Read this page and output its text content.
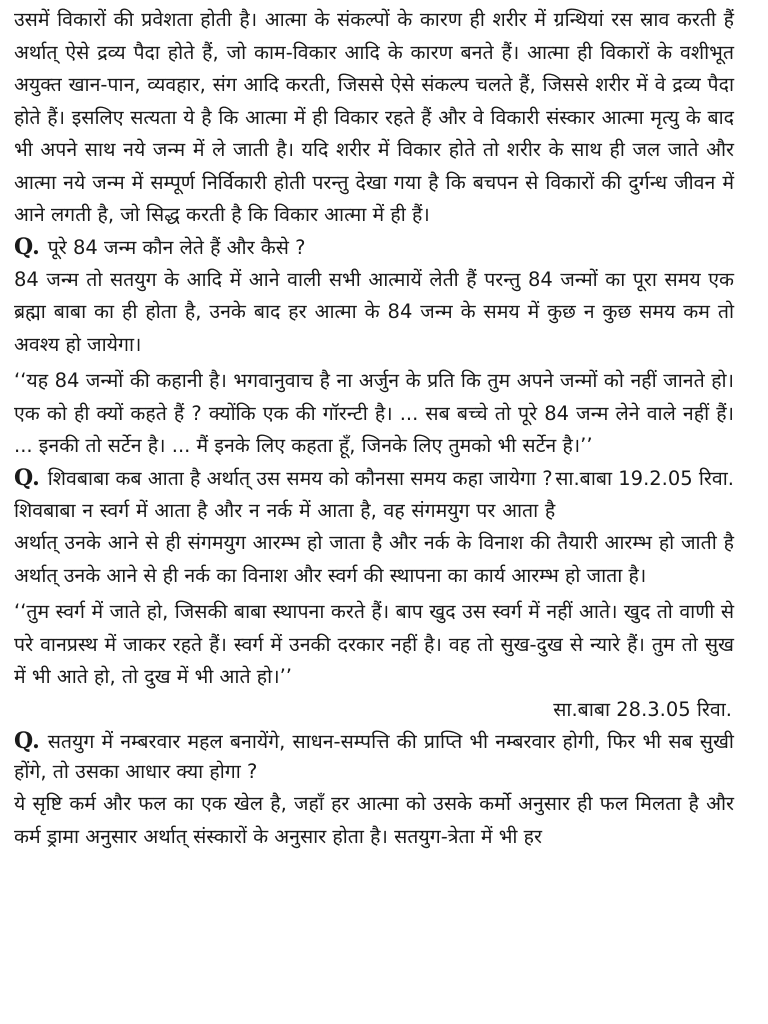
उसमें विकारों की प्रवेशता होती है। आत्मा के संकल्पों के कारण ही शरीर में ग्रन्थियां रस स्राव करती हैं अर्थात् ऐसे द्रव्य पैदा होते हैं, जो काम-विकार आदि के कारण बनते हैं। आत्मा ही विकारों के वशीभूत अयुक्त खान-पान, व्यवहार, संग आदि करती, जिससे ऐसे संकल्प चलते हैं, जिससे शरीर में वे द्रव्य पैदा होते हैं। इसलिए सत्यता ये है कि आत्मा में ही विकार रहते हैं और वे विकारी संस्कार आत्मा मृत्यु के बाद भी अपने साथ नये जन्म में ले जाती है। यदि शरीर में विकार होते तो शरीर के साथ ही जल जाते और आत्मा नये जन्म में सम्पूर्ण निर्विकारी होती परन्तु देखा गया है कि बचपन से विकारों की दुर्गन्ध जीवन में आने लगती है, जो सिद्ध करती है कि विकार आत्मा में ही हैं।

Q. पूरे 84 जन्म कौन लेते हैं और कैसे ?

84 जन्म तो सतयुग के आदि में आने वाली सभी आत्मायें लेती हैं परन्तु 84 जन्मों का पूरा समय एक ब्रह्मा बाबा का ही होता है, उनके बाद हर आत्मा के 84 जन्म के समय में कुछ न कुछ समय कम तो अवश्य हो जायेगा।

‘‘यह 84 जन्मों की कहानी है। भगवानुवाच है ना अर्जुन के प्रति कि तुम अपने जन्मों को नहीं जानते हो। एक को ही क्यों कहते हैं ? क्योंकि एक की गॉरन्टी है। ... सब बच्चे तो पूरे 84 जन्म लेने वाले नहीं हैं। ... इनकी तो सर्टेन है। ... मैं इनके लिए कहता हूँ, जिनके लिए तुमको भी सर्टेन है।’’
सा.बाबा 19.2.05 रिवा.

Q. शिवबाबा कब आता है अर्थात् उस समय को कौनसा समय कहा जायेगा ?

शिवबाबा न स्वर्ग में आता है और न नर्क में आता है, वह संगमयुग पर आता है अर्थात् उनके आने से ही संगमयुग आरम्भ हो जाता है और नर्क के विनाश की तैयारी आरम्भ हो जाती है अर्थात् उनके आने से ही नर्क का विनाश और स्वर्ग की स्थापना का कार्य आरम्भ हो जाता है।

‘‘तुम स्वर्ग में जाते हो, जिसकी बाबा स्थापना करते हैं। बाप खुद उस स्वर्ग में नहीं आते। खुद तो वाणी से परे वानप्रस्थ में जाकर रहते हैं। स्वर्ग में उनकी दरकार नहीं है। वह तो सुख-दुख से न्यारे हैं। तुम तो सुख में भी आते हो, तो दुख में भी आते हो।’’

सा.बाबा 28.3.05 रिवा.

Q. सतयुग में नम्बरवार महल बनायेंगे, साधन-सम्पत्ति की प्राप्ति भी नम्बरवार होगी, फिर भी सब सुखी होंगे, तो उसका आधार क्या होगा ?

ये सृष्टि कर्म और फल का एक खेल है, जहाँ हर आत्मा को उसके कर्मो अनुसार ही फल मिलता है और कर्म ड्रामा अनुसार अर्थात् संस्कारों के अनुसार होता है। सतयुग-त्रेता में भी हर
